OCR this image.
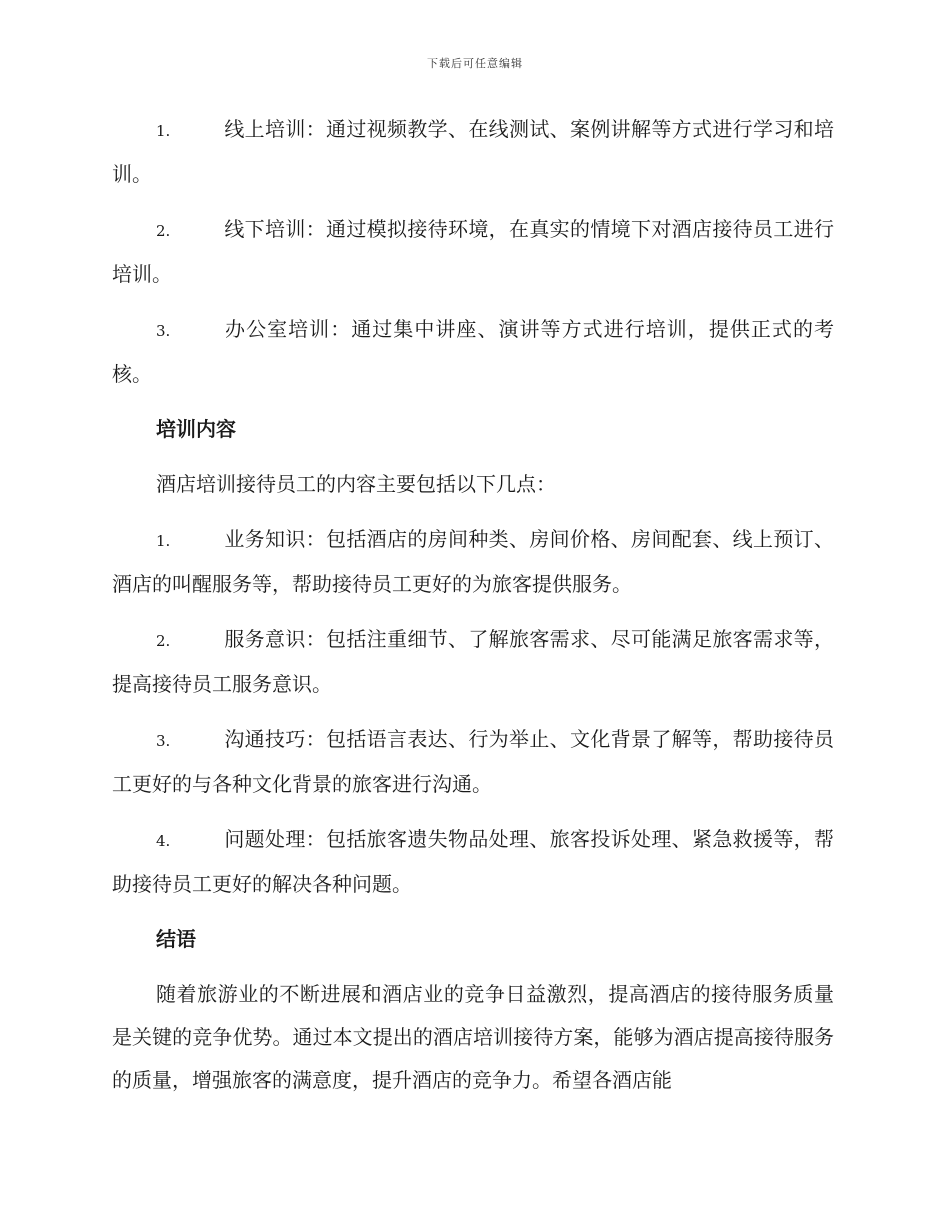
下载后可任意编辑

1.	线上培训：通过视频教学、在线测试、案例讲解等方式进行学习和培训。

2.	线下培训：通过模拟接待环境，在真实的情境下对酒店接待员工进行培训。

3.	办公室培训：通过集中讲座、演讲等方式进行培训，提供正式的考核。

培训内容

酒店培训接待员工的内容主要包括以下几点：

1.	业务知识：包括酒店的房间种类、房间价格、房间配套、线上预订、酒店的叫醒服务等，帮助接待员工更好的为旅客提供服务。

2.	服务意识：包括注重细节、了解旅客需求、尽可能满足旅客需求等，提高接待员工服务意识。

3.	沟通技巧：包括语言表达、行为举止、文化背景了解等，帮助接待员工更好的与各种文化背景的旅客进行沟通。

4.	问题处理：包括旅客遗失物品处理、旅客投诉处理、紧急救援等，帮助接待员工更好的解决各种问题。

结语

随着旅游业的不断进展和酒店业的竞争日益激烈，提高酒店的接待服务质量是关键的竞争优势。通过本文提出的酒店培训接待方案，能够为酒店提高接待服务的质量，增强旅客的满意度，提升酒店的竞争力。希望各酒店能
